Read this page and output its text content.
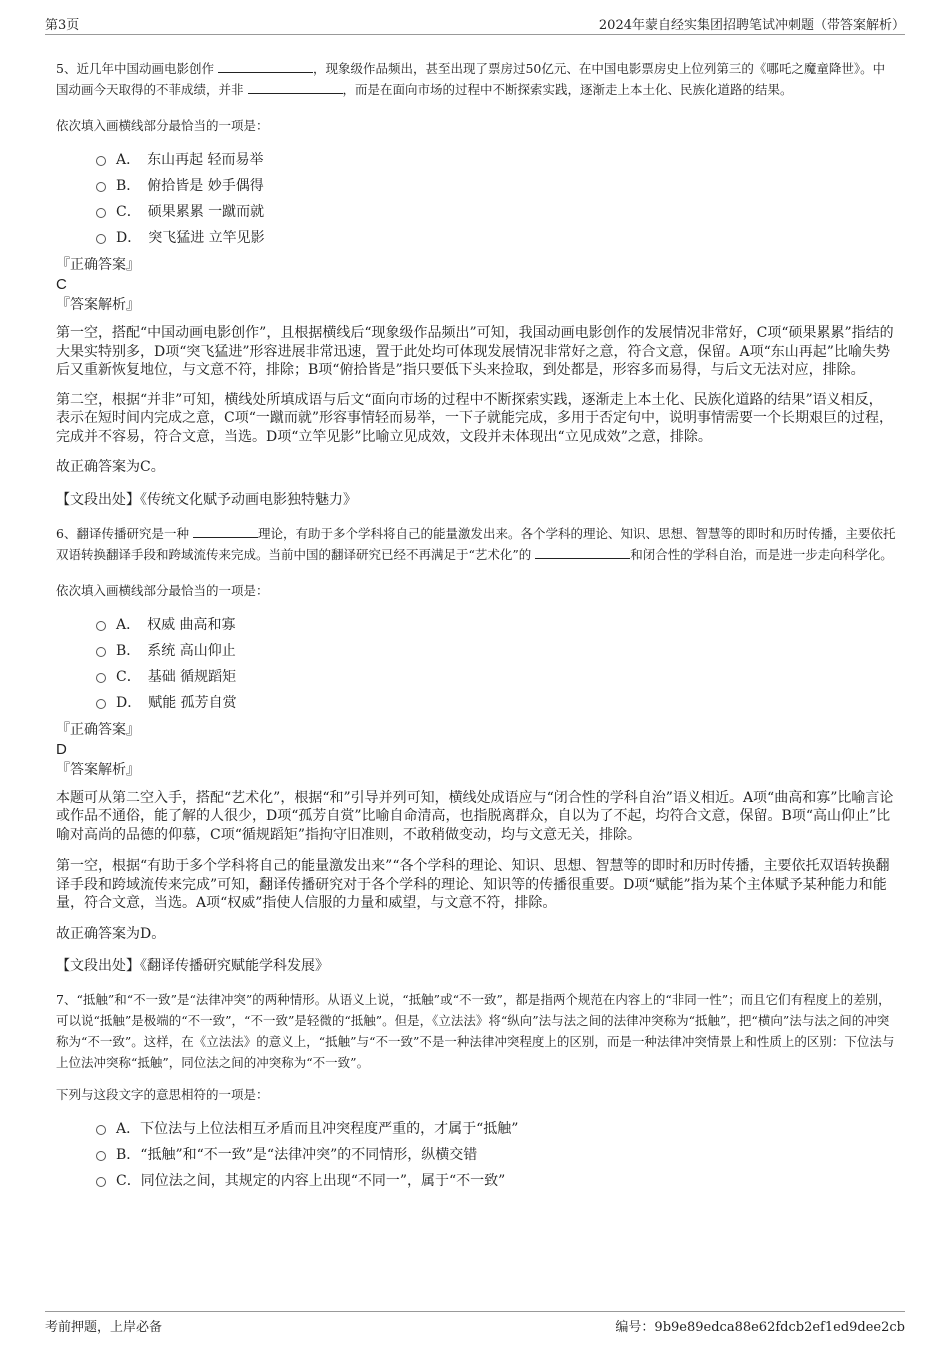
第3页	2024年蒙自经实集团招聘笔试冲刺题（带答案解析）

5、近几年中国动画电影创作	，现象级作品频出，甚至出现了票房过50亿元、在中国电影票房史上位列第三的《哪吒之魔童降世》。中国动画今天取得的不菲成绩，并非	，而是在面向市场的过程中不断探索实践，逐渐走上本土化、民族化道路的结果。

依次填入画横线部分最恰当的一项是：

A．　东山再起 轻而易举
B．　俯拾皆是 妙手偶得
C．　硕果累累 一蹴而就
D．　突飞猛进 立竿见影

『正确答案』

C

『答案解析』

第一空，搭配“中国动画电影创作”，且根据横线后“现象级作品频出”可知，我国动画电影创作的发展情况非常好，C项“硕果累累”指结的大果实特别多，D项“突飞猛进”形容进展非常迅速，置于此处均可体现发展情况非常好之意，符合文意，保留。A项“东山再起”比喻失势后又重新恢复地位，与文意不符，排除；B项“俯拾皆是”指只要低下头来捡取，到处都是，形容多而易得，与后文无法对应，排除。

第二空，根据“并非”可知，横线处所填成语与后文“面向市场的过程中不断探索实践，逐渐走上本土化、民族化道路的结果”语义相反，表示在短时间内完成之意，C项“一蹴而就”形容事情轻而易举，一下子就能完成，多用于否定句中，说明事情需要一个长期艰巨的过程，完成并不容易，符合文意，当选。D项“立竿见影”比喻立见成效，文段并未体现出“立见成效”之意，排除。

故正确答案为C。

【文段出处】《传统文化赋予动画电影独特魅力》

6、翻译传播研究是一种	理论，有助于多个学科将自己的能量激发出来。各个学科的理论、知识、思想、智慧等的即时和历时传播，主要依托双语转换翻译手段和跨域流传来完成。当前中国的翻译研究已经不再满足于“艺术化”的	和闭合性的学科自治，而是进一步走向科学化。

依次填入画横线部分最恰当的一项是：

A．　权威 曲高和寡
B．　系统 高山仰止
C．　基础 循规蹈矩
D．　赋能 孤芳自赏

『正确答案』

D

『答案解析』

本题可从第二空入手，搭配“艺术化”，根据“和”引导并列可知，横线处成语应与“闭合性的学科自治”语义相近。A项“曲高和寡”比喻言论或作品不通俗，能了解的人很少，D项“孤芳自赏”比喻自命清高，也指脱离群众，自以为了不起，均符合文意，保留。B项“高山仰止”比喻对高尚的品德的仰慕，C项“循规蹈矩”指拘守旧准则，不敢稍做变动，均与文意无关，排除。

第一空，根据“有助于多个学科将自己的能量激发出来”“各个学科的理论、知识、思想、智慧等的即时和历时传播，主要依托双语转换翻译手段和跨域流传来完成”可知，翻译传播研究对于各个学科的理论、知识等的传播很重要。D项“赋能”指为某个主体赋予某种能力和能量，符合文意，当选。A项“权威”指使人信服的力量和威望，与文意不符，排除。

故正确答案为D。

【文段出处】《翻译传播研究赋能学科发展》

7、“抵触”和“不一致”是“法律冲突”的两种情形。从语义上说，“抵触”或“不一致”，都是指两个规范在内容上的“非同一性”；而且它们有程度上的差别，可以说“抵触”是极端的“不一致”，“不一致”是轻微的“抵触”。但是，《立法法》将“纵向”法与法之间的法律冲突称为“抵触”，把“横向”法与法之间的冲突称为“不一致”。这样，在《立法法》的意义上，“抵触”与“不一致”不是一种法律冲突程度上的区别，而是一种法律冲突情景上和性质上的区别：下位法与上位法冲突称“抵触”，同位法之间的冲突称为“不一致”。

下列与这段文字的意思相符的一项是：

A．下位法与上位法相互矛盾而且冲突程度严重的，才属于“抵触”
B．“抵触”和“不一致”是“法律冲突”的不同情形，纵横交错
C．同位法之间，其规定的内容上出现“不同一”，属于“不一致”
考前押题，上岸必备	编号：9b9e89edca88e62fdcb2ef1ed9dee2cb
